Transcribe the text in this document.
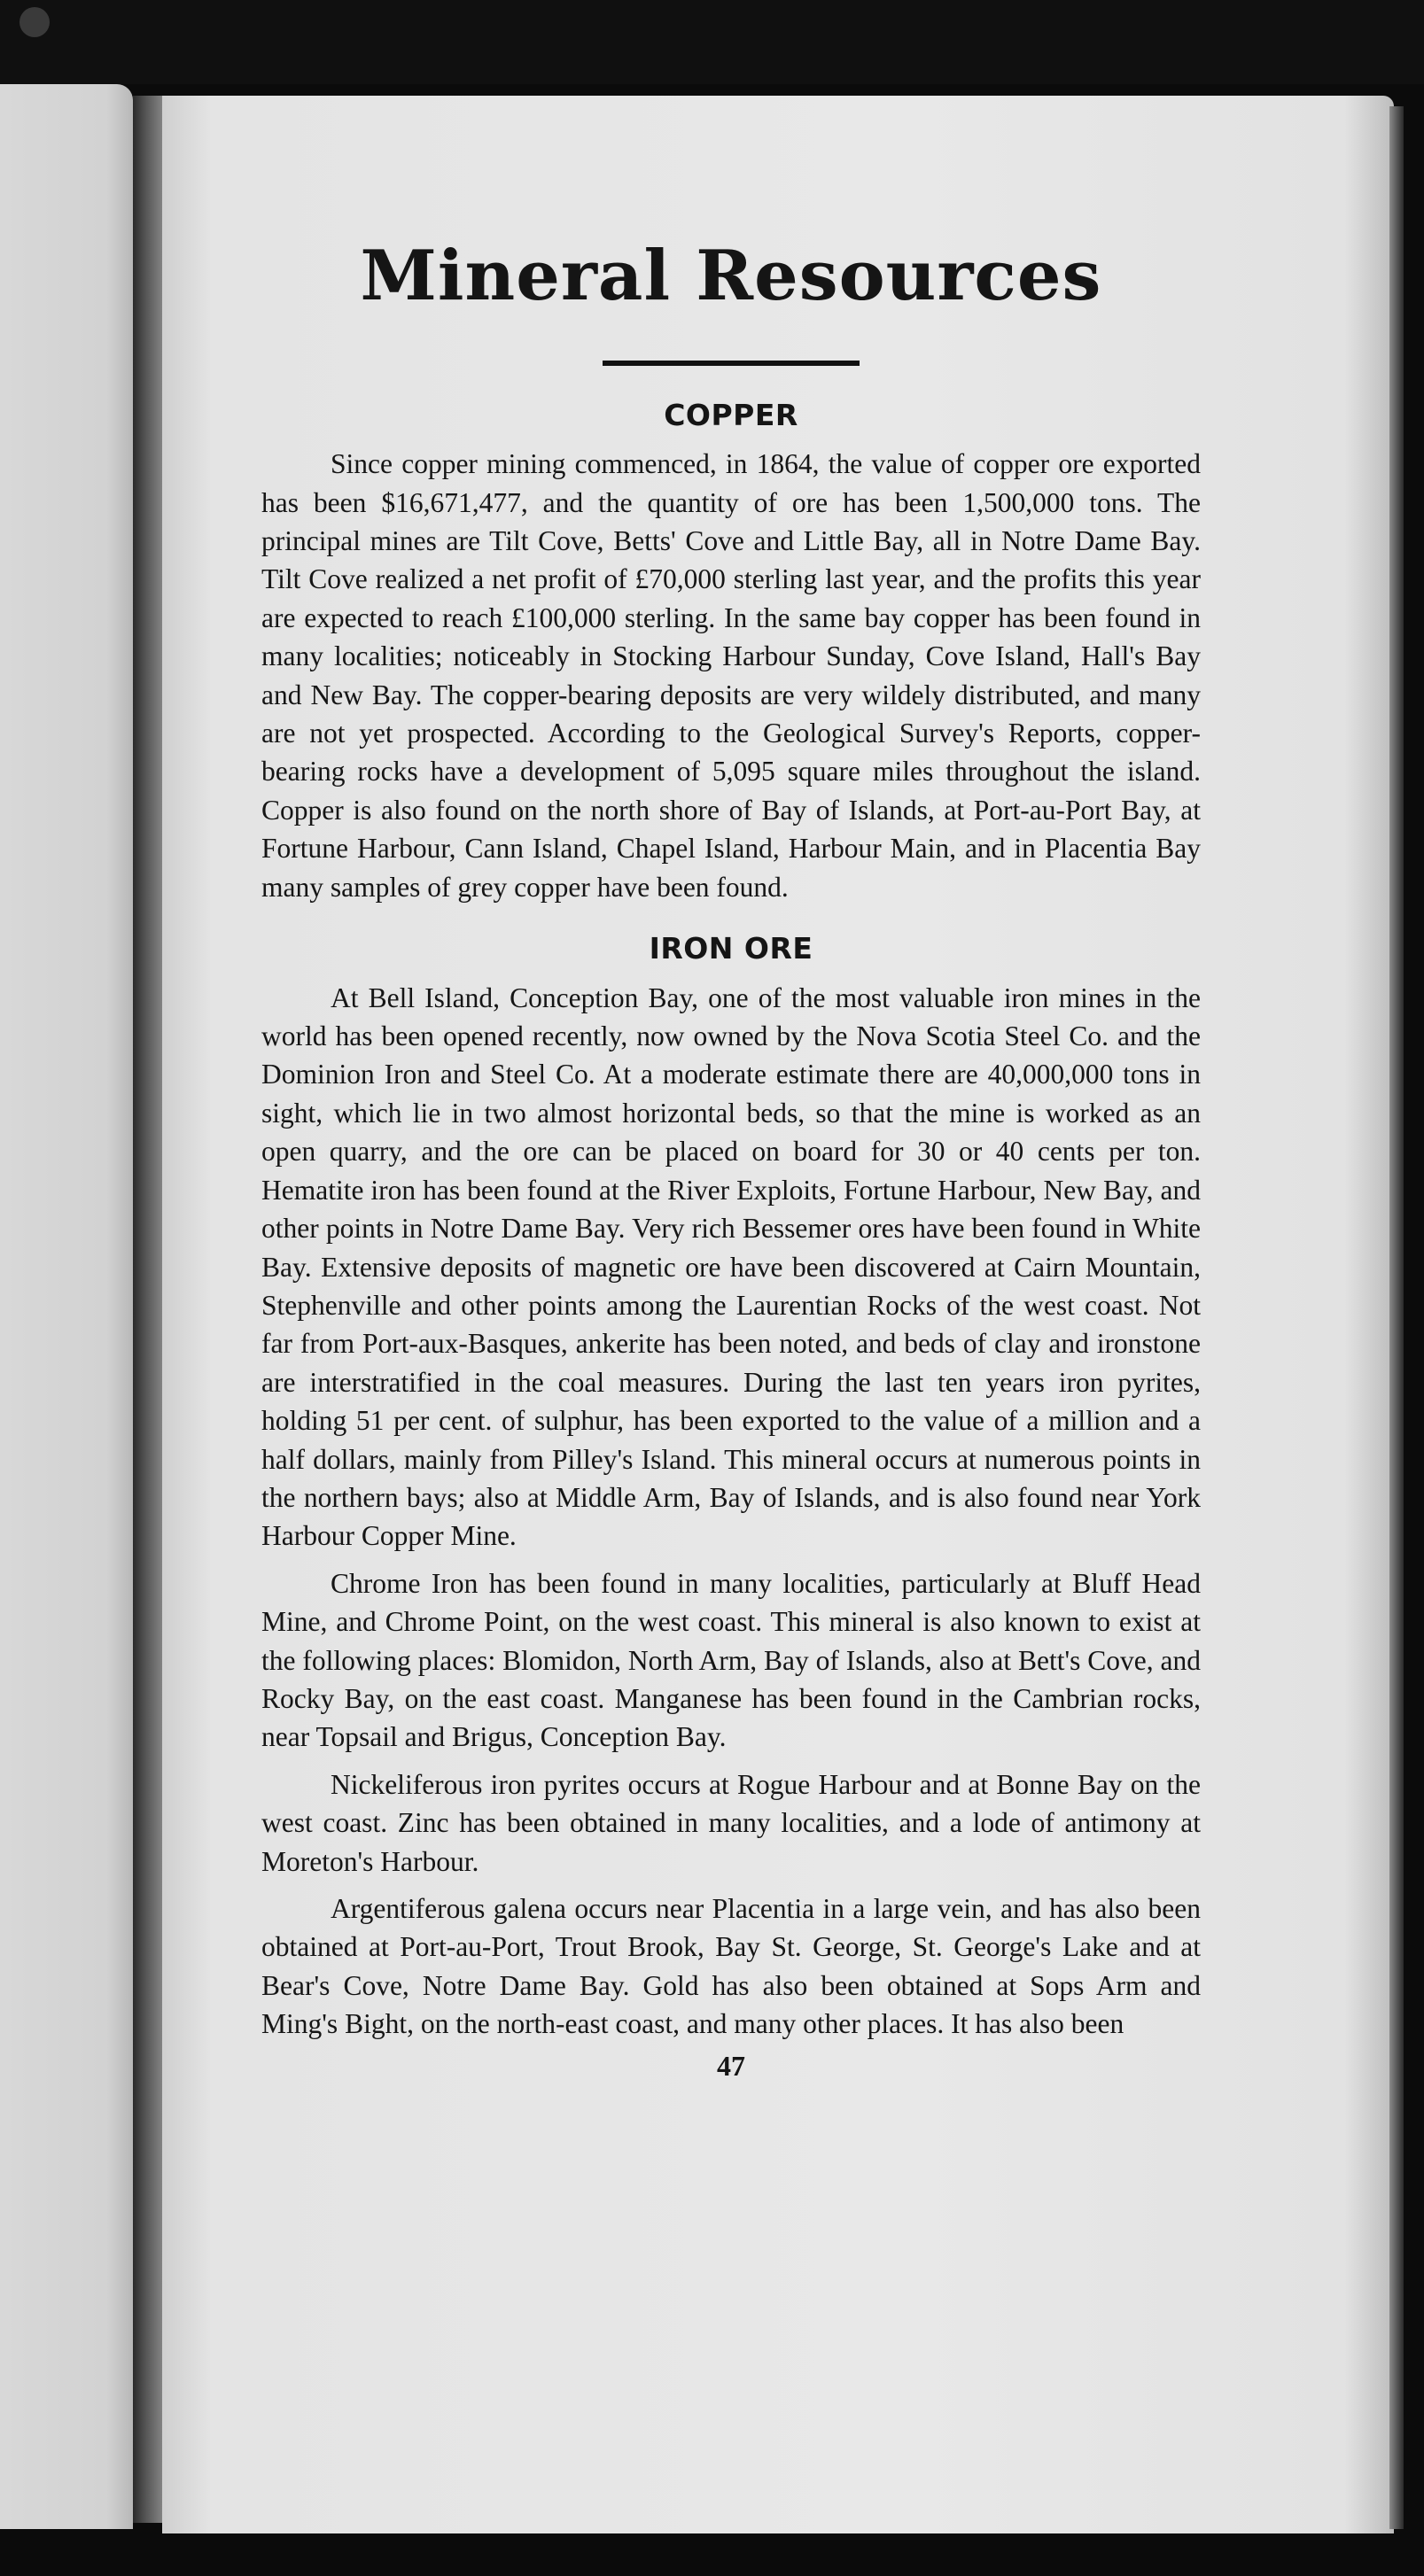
Mineral Resources
COPPER

Since copper mining commenced, in 1864, the value of copper ore exported has been $16,671,477, and the quantity of ore has been 1,500,000 tons. The principal mines are Tilt Cove, Betts' Cove and Little Bay, all in Notre Dame Bay. Tilt Cove realized a net profit of £70,000 sterling last year, and the profits this year are expected to reach £100,000 sterling. In the same bay copper has been found in many localities; noticeably in Stocking Harbour Sunday, Cove Island, Hall's Bay and New Bay. The copper-bearing deposits are very wildely distributed, and many are not yet prospected. According to the Geological Survey's Reports, copper-bearing rocks have a development of 5,095 square miles throughout the island. Copper is also found on the north shore of Bay of Islands, at Port-au-Port Bay, at Fortune Harbour, Cann Island, Chapel Island, Harbour Main, and in Placentia Bay many samples of grey copper have been found.

IRON ORE

At Bell Island, Conception Bay, one of the most valuable iron mines in the world has been opened recently, now owned by the Nova Scotia Steel Co. and the Dominion Iron and Steel Co. At a moderate estimate there are 40,000,000 tons in sight, which lie in two almost horizontal beds, so that the mine is worked as an open quarry, and the ore can be placed on board for 30 or 40 cents per ton. Hematite iron has been found at the River Exploits, Fortune Harbour, New Bay, and other points in Notre Dame Bay. Very rich Bessemer ores have been found in White Bay. Extensive deposits of magnetic ore have been discovered at Cairn Mountain, Stephenville and other points among the Laurentian Rocks of the west coast. Not far from Port-aux-Basques, ankerite has been noted, and beds of clay and ironstone are interstratified in the coal measures. During the last ten years iron pyrites, holding 51 per cent. of sulphur, has been exported to the value of a million and a half dollars, mainly from Pilley's Island. This mineral occurs at numerous points in the northern bays; also at Middle Arm, Bay of Islands, and is also found near York Harbour Copper Mine.

Chrome Iron has been found in many localities, particularly at Bluff Head Mine, and Chrome Point, on the west coast. This mineral is also known to exist at the following places: Blomidon, North Arm, Bay of Islands, also at Bett's Cove, and Rocky Bay, on the east coast. Manganese has been found in the Cambrian rocks, near Topsail and Brigus, Conception Bay.

Nickeliferous iron pyrites occurs at Rogue Harbour and at Bonne Bay on the west coast. Zinc has been obtained in many localities, and a lode of antimony at Moreton's Harbour.

Argentiferous galena occurs near Placentia in a large vein, and has also been obtained at Port-au-Port, Trout Brook, Bay St. George, St. George's Lake and at Bear's Cove, Notre Dame Bay. Gold has also been obtained at Sops Arm and Ming's Bight, on the north-east coast, and many other places. It has also been

47
